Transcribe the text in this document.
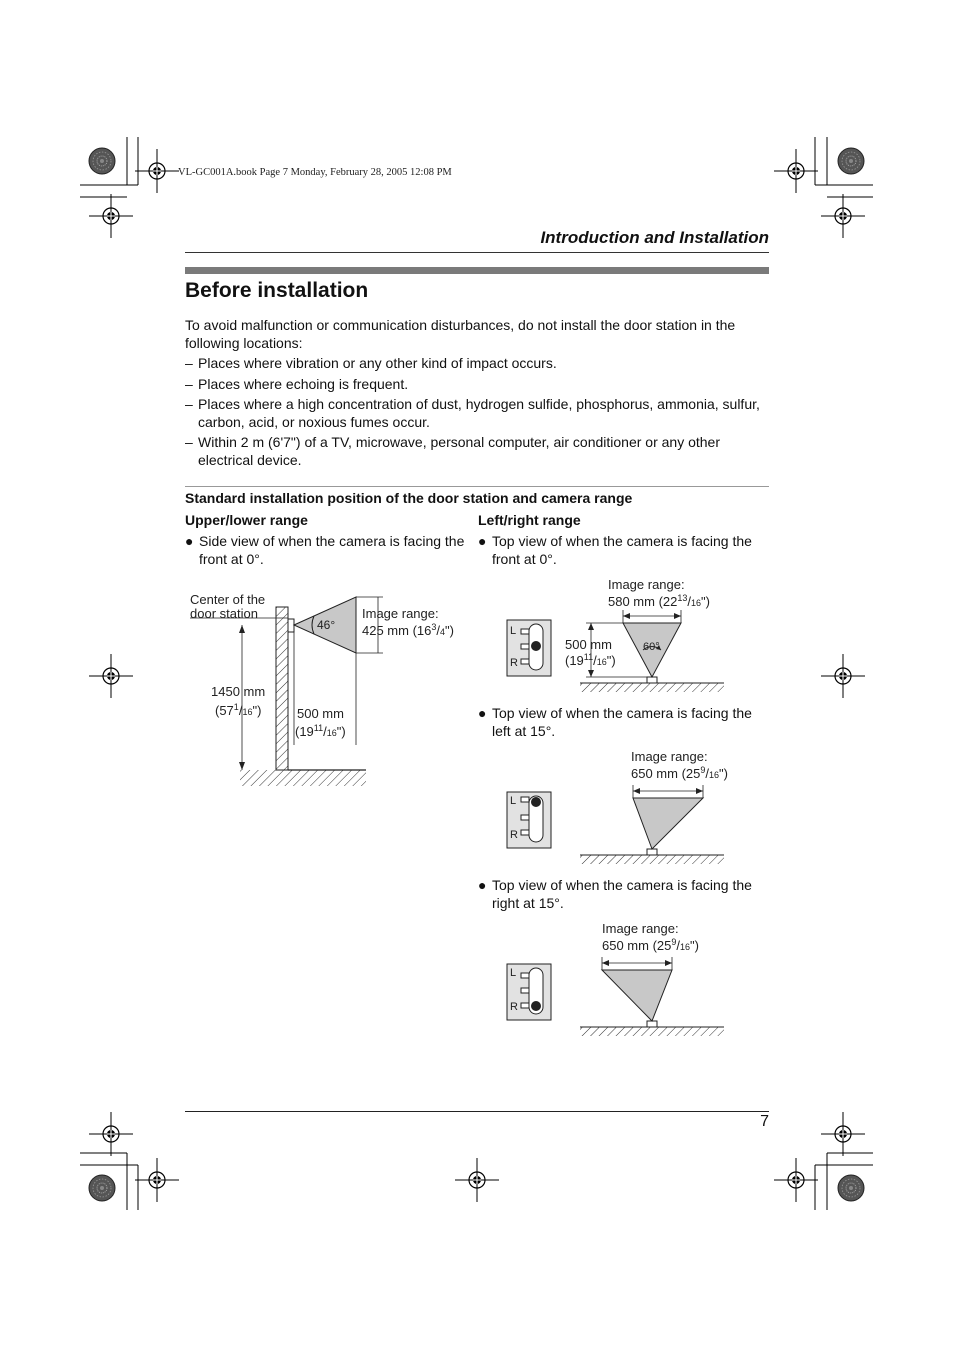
VL-GC001A.book Page 7 Monday, February 28, 2005 12:08 PM
Introduction and Installation
Before installation

To avoid malfunction or communication disturbances, do not install the door station in the following locations:

– Places where vibration or any other kind of impact occurs.
– Places where echoing is frequent.
– Places where a high concentration of dust, hydrogen sulfide, phosphorus, ammonia, sulfur, carbon, acid, or noxious fumes occur.
– Within 2 m (6'7") of a TV, microwave, personal computer, air conditioner or any other electrical device.
Standard installation position of the door station and camera range
Upper/lower range
● Side view of when the camera is facing the front at 0°.
46°
Center of the
door station	Image range:
425 mm $(16^3/4")$
1450 mm
$(57^1/16")$	500 mm
$(19^{11}/16")$
Left/right range
● Top view of when the camera is facing the front at 0°.
L
R
60°
Image range:
580 mm $(22^{13}/16")$
500 mm
$(19^{11}/16")$
● Top view of when the camera is facing the left at 15°.
L
R
Image range:
650 mm $(25^9/16")$
● Top view of when the camera is facing the right at 15°.
L
R
Image range:
650 mm $(25^9/16")$
7
